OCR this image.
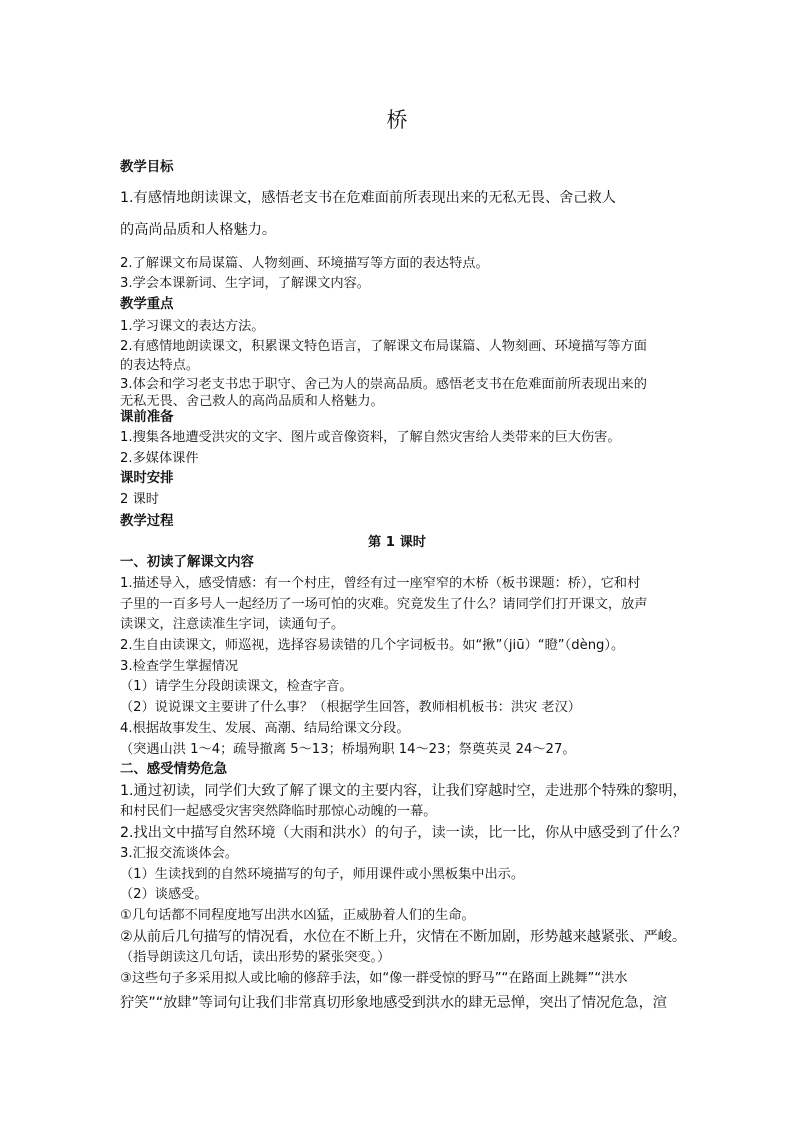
桥
教学目标
1.有感情地朗读课文，感悟老支书在危难面前所表现出来的无私无畏、舍己救人
的高尚品质和人格魅力。
2.了解课文布局谋篇、人物刻画、环境描写等方面的表达特点。
3.学会本课新词、生字词，了解课文内容。
教学重点
1.学习课文的表达方法。
2.有感情地朗读课文，积累课文特色语言，了解课文布局谋篇、人物刻画、环境描写等方面
的表达特点。
3.体会和学习老支书忠于职守、舍己为人的崇高品质。感悟老支书在危难面前所表现出来的
无私无畏、舍己救人的高尚品质和人格魅力。
课前准备
1.搜集各地遭受洪灾的文字、图片或音像资料，了解自然灾害给人类带来的巨大伤害。
2.多媒体课件
课时安排
2 课时
教学过程
第 1 课时
一、初读了解课文内容
1.描述导入，感受情感：有一个村庄，曾经有过一座窄窄的木桥（板书课题：桥），它和村
子里的一百多号人一起经历了一场可怕的灾难。究竟发生了什么？请同学们打开课文，放声
读课文，注意读准生字词，读通句子。
2.生自由读课文，师巡视，选择容易读错的几个字词板书。如“揪”（jiū）“瞪”（dèng）。
3.检查学生掌握情况
（1）请学生分段朗读课文，检查字音。
（2）说说课文主要讲了什么事？（根据学生回答，教师相机板书：洪灾 老汉）
4.根据故事发生、发展、高潮、结局给课文分段。
（突遇山洪 1～4；疏导撤离 5～13；桥塌殉职 14～23；祭奠英灵 24～27。
二、感受情势危急
1.通过初读，同学们大致了解了课文的主要内容，让我们穿越时空，走进那个特殊的黎明，
和村民们一起感受灾害突然降临时那惊心动魄的一幕。
2.找出文中描写自然环境（大雨和洪水）的句子，读一读，比一比，你从中感受到了什么？
3.汇报交流谈体会。
（1）生读找到的自然环境描写的句子，师用课件或小黑板集中出示。
（2）谈感受。
①几句话都不同程度地写出洪水凶猛，正威胁着人们的生命。
②从前后几句描写的情况看，水位在不断上升，灾情在不断加剧，形势越来越紧张、严峻。
（指导朗读这几句话，读出形势的紧张突变。）
③这些句子多采用拟人或比喻的修辞手法，如“像一群受惊的野马”“在路面上跳舞”“洪水
狞笑”“放肆”等词句让我们非常真切形象地感受到洪水的肆无忌惮，突出了情况危急，渲
